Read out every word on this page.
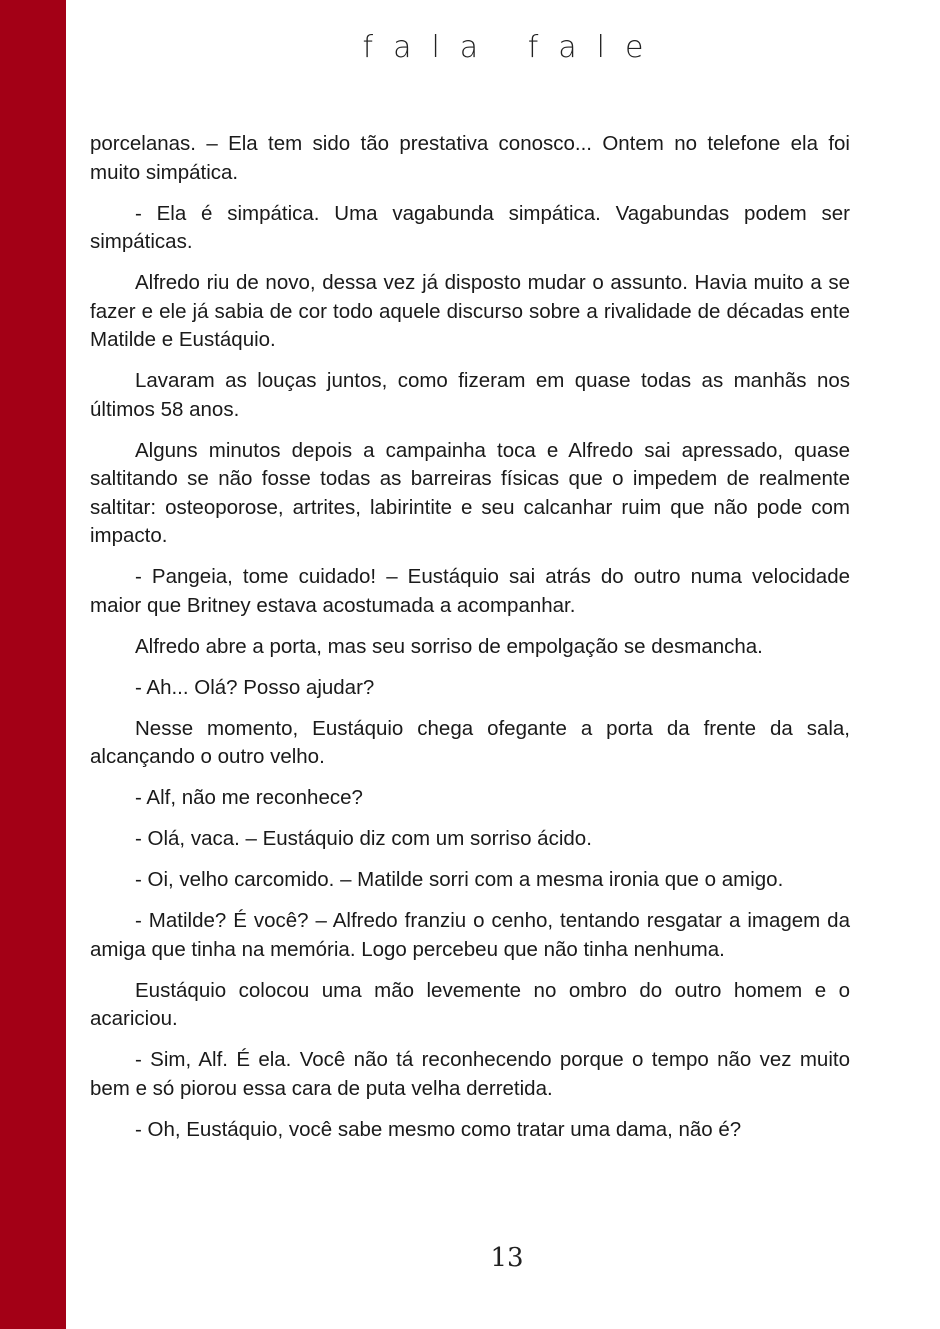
fala fale

porcelanas. – Ela tem sido tão prestativa conosco... Ontem no telefone ela foi muito simpática.

- Ela é simpática. Uma vagabunda simpática. Vagabundas podem ser simpáticas.

Alfredo riu de novo, dessa vez já disposto mudar o assunto. Havia muito a se fazer e ele já sabia de cor todo aquele discurso sobre a rivalidade de décadas ente Matilde e Eustáquio.

Lavaram as louças juntos, como fizeram em quase todas as manhãs nos últimos 58 anos.

Alguns minutos depois a campainha toca e Alfredo sai apressado, quase saltitando se não fosse todas as barreiras físicas que o impedem de realmente saltitar: osteoporose, artrites, labirintite e seu calcanhar ruim que não pode com impacto.

- Pangeia, tome cuidado! – Eustáquio sai atrás do outro numa velocidade maior que Britney estava acostumada a acompanhar.

Alfredo abre a porta, mas seu sorriso de empolgação se desmancha.

- Ah... Olá? Posso ajudar?

Nesse momento, Eustáquio chega ofegante a porta da frente da sala, alcançando o outro velho.

- Alf, não me reconhece?

- Olá, vaca. – Eustáquio diz com um sorriso ácido.

- Oi, velho carcomido. – Matilde sorri com a mesma ironia que o amigo.

- Matilde? É você? – Alfredo franziu o cenho, tentando resgatar a imagem da amiga que tinha na memória. Logo percebeu que não tinha nenhuma.

Eustáquio colocou uma mão levemente no ombro do outro homem e o acariciou.

- Sim, Alf. É ela. Você não tá reconhecendo porque o tempo não vez muito bem e só piorou essa cara de puta velha derretida.

- Oh, Eustáquio, você sabe mesmo como tratar uma dama, não é?

13
